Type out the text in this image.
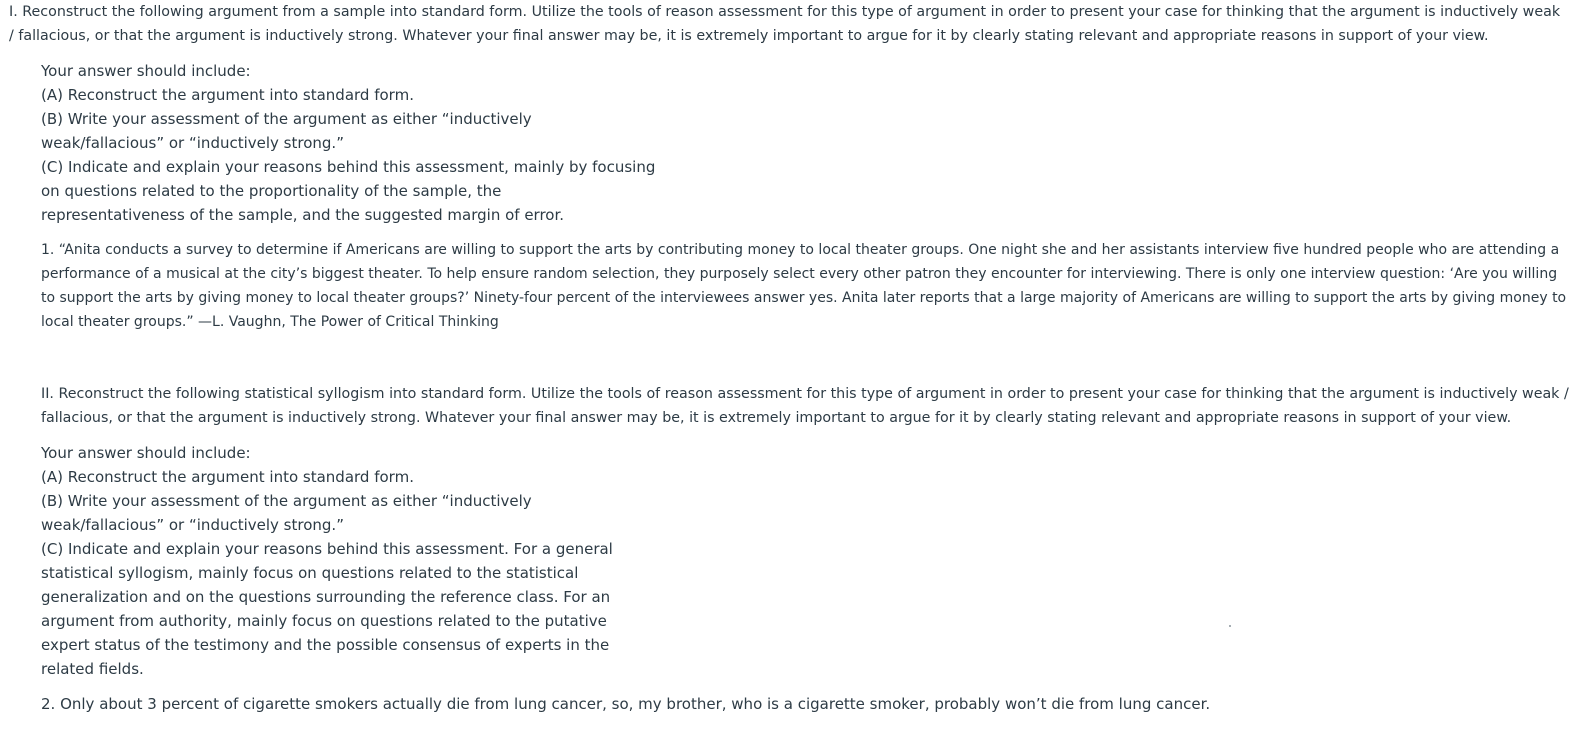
I. Reconstruct the following argument from a sample into standard form. Utilize the tools of reason assessment for this type of argument in order to present your case for thinking that the argument is inductively weak
/ fallacious, or that the argument is inductively strong. Whatever your final answer may be, it is extremely important to argue for it by clearly stating relevant and appropriate reasons in support of your view.
Your answer should include:
(A) Reconstruct the argument into standard form.
(B) Write your assessment of the argument as either “inductively
weak/fallacious” or “inductively strong.”
(C) Indicate and explain your reasons behind this assessment, mainly by focusing
on questions related to the proportionality of the sample, the
representativeness of the sample, and the suggested margin of error.
1. “Anita conducts a survey to determine if Americans are willing to support the arts by contributing money to local theater groups. One night she and her assistants interview five hundred people who are attending a
performance of a musical at the city’s biggest theater. To help ensure random selection, they purposely select every other patron they encounter for interviewing. There is only one interview question: ‘Are you willing
to support the arts by giving money to local theater groups?’ Ninety-four percent of the interviewees answer yes. Anita later reports that a large majority of Americans are willing to support the arts by giving money to
local theater groups.” —L. Vaughn, The Power of Critical Thinking
II. Reconstruct the following statistical syllogism into standard form. Utilize the tools of reason assessment for this type of argument in order to present your case for thinking that the argument is inductively weak /
fallacious, or that the argument is inductively strong. Whatever your final answer may be, it is extremely important to argue for it by clearly stating relevant and appropriate reasons in support of your view.
Your answer should include:
(A) Reconstruct the argument into standard form.
(B) Write your assessment of the argument as either “inductively
weak/fallacious” or “inductively strong.”
(C) Indicate and explain your reasons behind this assessment. For a general
statistical syllogism, mainly focus on questions related to the statistical
generalization and on the questions surrounding the reference class. For an
argument from authority, mainly focus on questions related to the putative
expert status of the testimony and the possible consensus of experts in the
related fields.
2. Only about 3 percent of cigarette smokers actually die from lung cancer, so, my brother, who is a cigarette smoker, probably won’t die from lung cancer.
